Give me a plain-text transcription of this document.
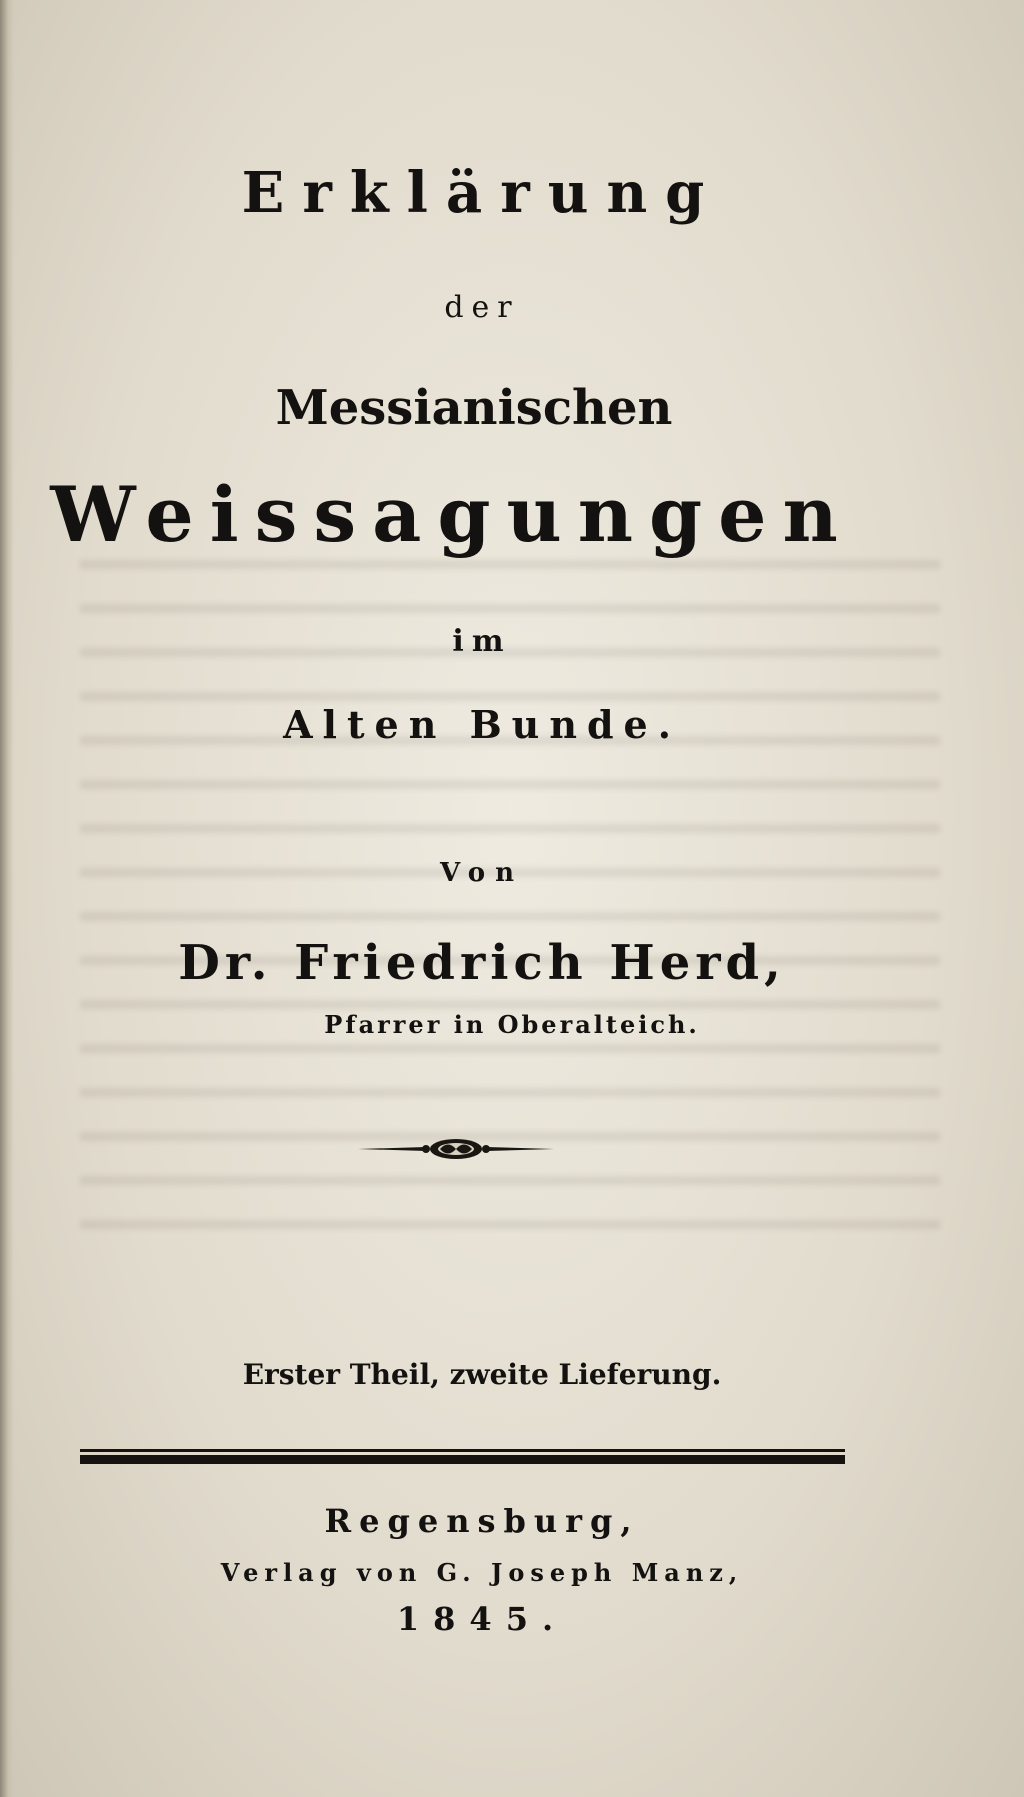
Erklärung
der
Messianischen
Weissagungen
im
Alten Bunde.
Von
Dr. Friedrich Herd,
Pfarrer in Oberalteich.
Erster Theil, zweite Lieferung.
Regensburg,
Verlag von G. Joseph Manz,
1845.
